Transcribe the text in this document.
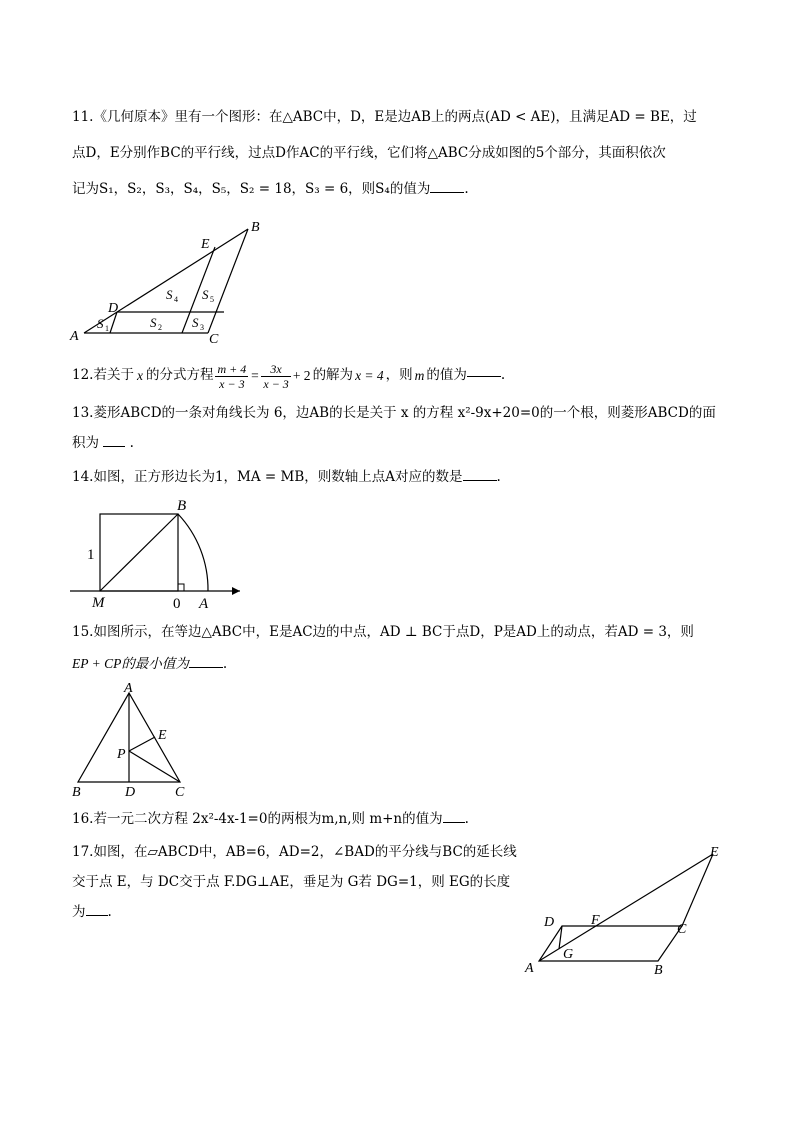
11.《几何原本》里有一个图形：在△ABC中，D，E是边AB上的两点(AD < AE)，且满足AD = BE，过
点D，E分别作BC的平行线，过点D作AC的平行线，它们将△ABC分成如图的5个部分，其面积依次
记为S₁，S₂，S₃，S₄，S₅，S₂ = 18，S₃ = 6，则S₄的值为	.
E
B
D
A	C
S 4 S 5
S 2 S 3
S 1
12.若关于 x 的分式方程 $\frac{m + 4}{x - 3} = \frac{3x}{x - 3} + 2$ 的解为 x = 4 ，则 m 的值为	.
13.菱形ABCD的一条对角线长为 6，边AB的长是关于 x 的方程 x²-9x+20=0的一个根，则菱形ABCD的面
积为 .
14.如图，正方形边长为1，MA = MB，则数轴上点A对应的数是	.
B
1
M	0 A
15.如图所示，在等边△ABC中，E是AC边的中点，AD ⊥ BC于点D，P是AD上的动点，若AD = 3，则
EP + CP的最小值为	.
A
E
P
B	D	C
16.若一元二次方程 2x²-4x-1=0的两根为m,n,则 m+n的值为 .
17.如图，在▱ABCD中，AB=6，AD=2，∠BAD的平分线与BC的延长线
交于点 E，与 DC交于点 F.DG⊥AE，垂足为 G若 DG=1，则 EG的长度
为 .
E
D	F
C
G
A	B
